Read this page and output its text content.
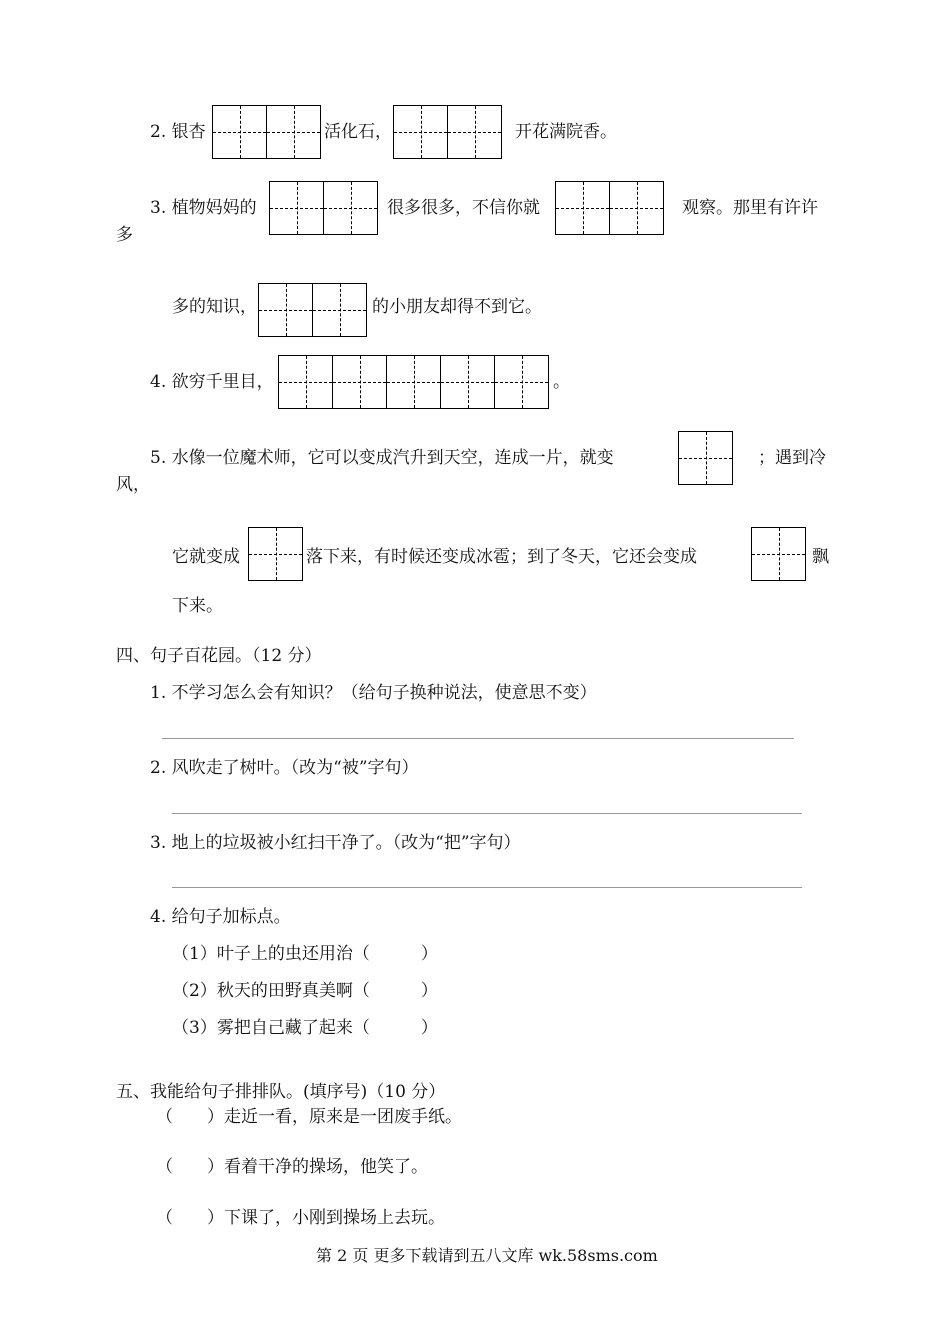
2. 银杏	活化石，	开花满院香。
3. 植物妈妈的	很多很多，不信你就	观察。那里有许许
多
多的知识，	的小朋友却得不到它。
4. 欲穷千里目，	。
5. 水像一位魔术师，它可以变成汽升到天空，连成一片，就变	；遇到冷
风，
它就变成	落下来，有时候还变成冰雹；到了冬天，它还会变成	飘
下来。
四、句子百花园。（12 分）
1. 不学习怎么会有知识？（给句子换种说法，使意思不变）
2. 风吹走了树叶。（改为“被”字句）
3. 地上的垃圾被小红扫干净了。（改为“把”字句）
4. 给句子加标点。
（1）叶子上的虫还用治（　　　）
（2）秋天的田野真美啊（　　　）
（3）雾把自己藏了起来（　　　）
五、我能给句子排排队。(填序号)（10 分）
（　　）走近一看，原来是一团废手纸。
（　　）看着干净的操场，他笑了。
（　　）下课了，小刚到操场上去玩。
第 2 页 更多下载请到五八文库 wk.58sms.com
